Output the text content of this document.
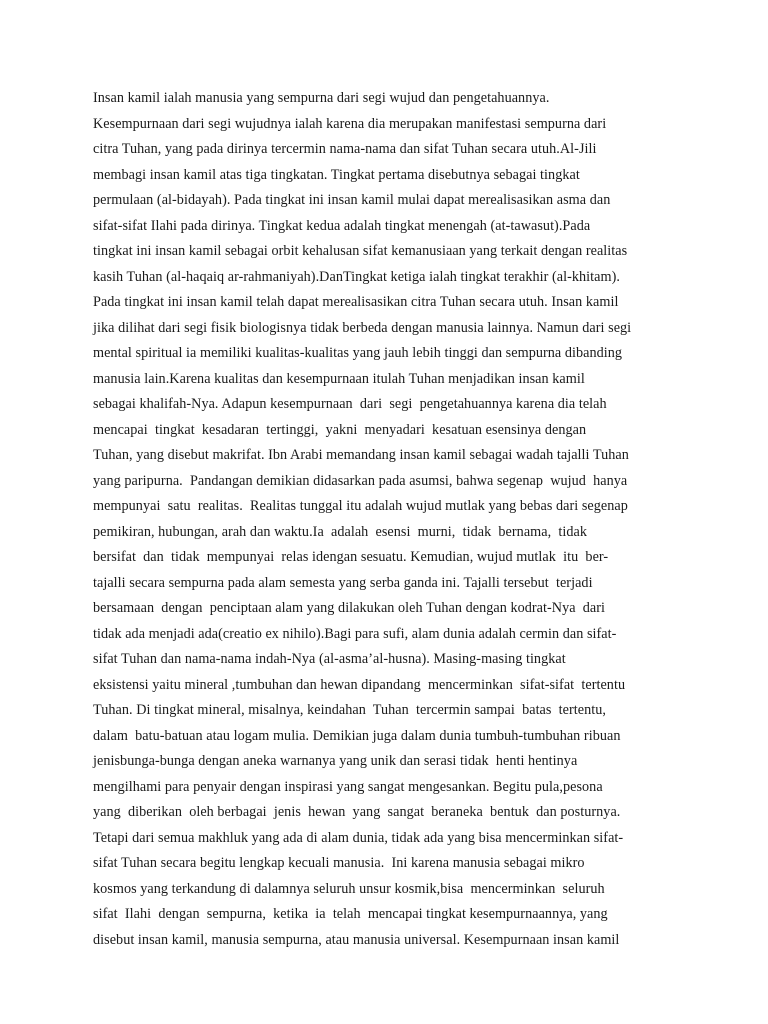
Insan kamil ialah manusia yang sempurna dari segi wujud dan pengetahuannya.
Kesempurnaan dari segi wujudnya ialah karena dia merupakan manifestasi sempurna dari
citra Tuhan, yang pada dirinya tercermin nama-nama dan sifat Tuhan secara utuh.Al-Jili
membagi insan kamil atas tiga tingkatan. Tingkat pertama disebutnya sebagai tingkat
permulaan (al-bidayah). Pada tingkat ini insan kamil mulai dapat merealisasikan asma dan
sifat-sifat Ilahi pada dirinya. Tingkat kedua adalah tingkat menengah (at-tawasut).Pada
tingkat ini insan kamil sebagai orbit kehalusan sifat kemanusiaan yang terkait dengan realitas
kasih Tuhan (al-haqaiq ar-rahmaniyah).DanTingkat ketiga ialah tingkat terakhir (al-khitam).
Pada tingkat ini insan kamil telah dapat merealisasikan citra Tuhan secara utuh. Insan kamil
jika dilihat dari segi fisik biologisnya tidak berbeda dengan manusia lainnya. Namun dari segi
mental spiritual ia memiliki kualitas-kualitas yang jauh lebih tinggi dan sempurna dibanding
manusia lain.Karena kualitas dan kesempurnaan itulah Tuhan menjadikan insan kamil
sebagai khalifah-Nya. Adapun kesempurnaan  dari  segi  pengetahuannya karena dia telah
mencapai  tingkat  kesadaran  tertinggi,  yakni  menyadari  kesatuan esensinya dengan
Tuhan, yang disebut makrifat. Ibn Arabi memandang insan kamil sebagai wadah tajalli Tuhan
yang paripurna.  Pandangan demikian didasarkan pada asumsi, bahwa segenap  wujud  hanya
mempunyai  satu  realitas.  Realitas tunggal itu adalah wujud mutlak yang bebas dari segenap
pemikiran, hubungan, arah dan waktu.Ia  adalah  esensi  murni,  tidak  bernama,  tidak
bersifat  dan  tidak  mempunyai  relas idengan sesuatu. Kemudian, wujud mutlak  itu  ber-
tajalli secara sempurna pada alam semesta yang serba ganda ini. Tajalli tersebut  terjadi
bersamaan  dengan  penciptaan alam yang dilakukan oleh Tuhan dengan kodrat-Nya  dari
tidak ada menjadi ada(creatio ex nihilo).Bagi para sufi, alam dunia adalah cermin dan sifat-
sifat Tuhan dan nama-nama indah-Nya (al-asma’al-husna). Masing-masing tingkat
eksistensi yaitu mineral ,tumbuhan dan hewan dipandang  mencerminkan  sifat-sifat  tertentu
Tuhan. Di tingkat mineral, misalnya, keindahan  Tuhan  tercermin sampai  batas  tertentu,
dalam  batu-batuan atau logam mulia. Demikian juga dalam dunia tumbuh-tumbuhan ribuan
jenisbunga-bunga dengan aneka warnanya yang unik dan serasi tidak  henti hentinya
mengilhami para penyair dengan inspirasi yang sangat mengesankan. Begitu pula,pesona
yang  diberikan  oleh berbagai  jenis  hewan  yang  sangat  beraneka  bentuk  dan posturnya.
Tetapi dari semua makhluk yang ada di alam dunia, tidak ada yang bisa mencerminkan sifat-
sifat Tuhan secara begitu lengkap kecuali manusia.  Ini karena manusia sebagai mikro
kosmos yang terkandung di dalamnya seluruh unsur kosmik,bisa  mencerminkan  seluruh
sifat  Ilahi  dengan  sempurna,  ketika  ia  telah  mencapai tingkat kesempurnaannya, yang
disebut insan kamil, manusia sempurna, atau manusia universal. Kesempurnaan insan kamil
